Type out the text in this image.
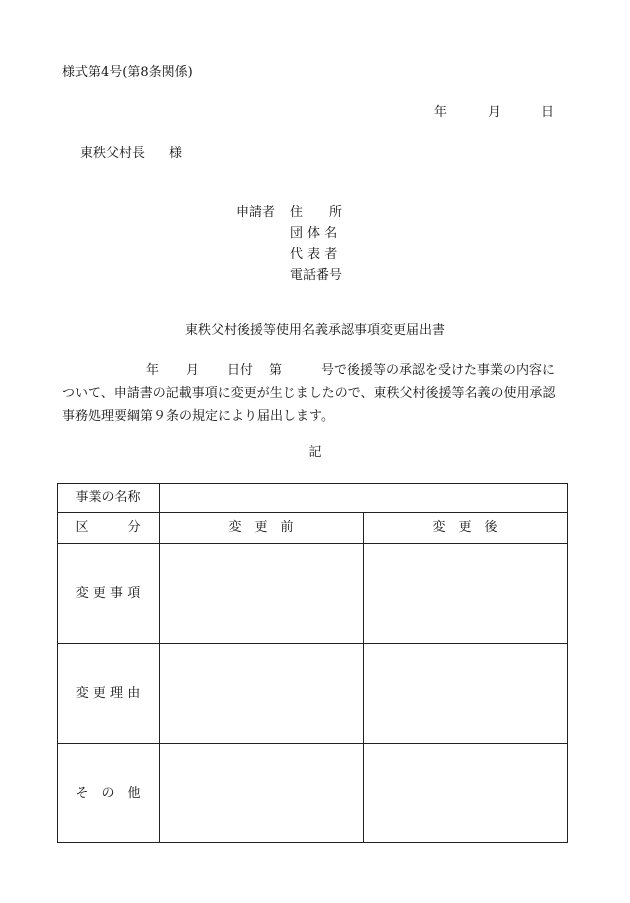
様式第4号(第8条関係)
年	月	日
東秩父村長 様
申請者 住　　所
団 体 名
代 表 者
電話番号
東秩父村後援等使用名義承認事項変更届出書
年 月 日付 第	号で後援等の承認を受けた事業の内容に
ついて、申請書の記載事項に変更が生じましたので、東秩父村後援等名義の使用承認
事務処理要綱第９条の規定により届出します。
記
事業の名称
区　　　分	変　更　前	変　更　後
変 更 事 項
変 更 理 由
そ　の　他
